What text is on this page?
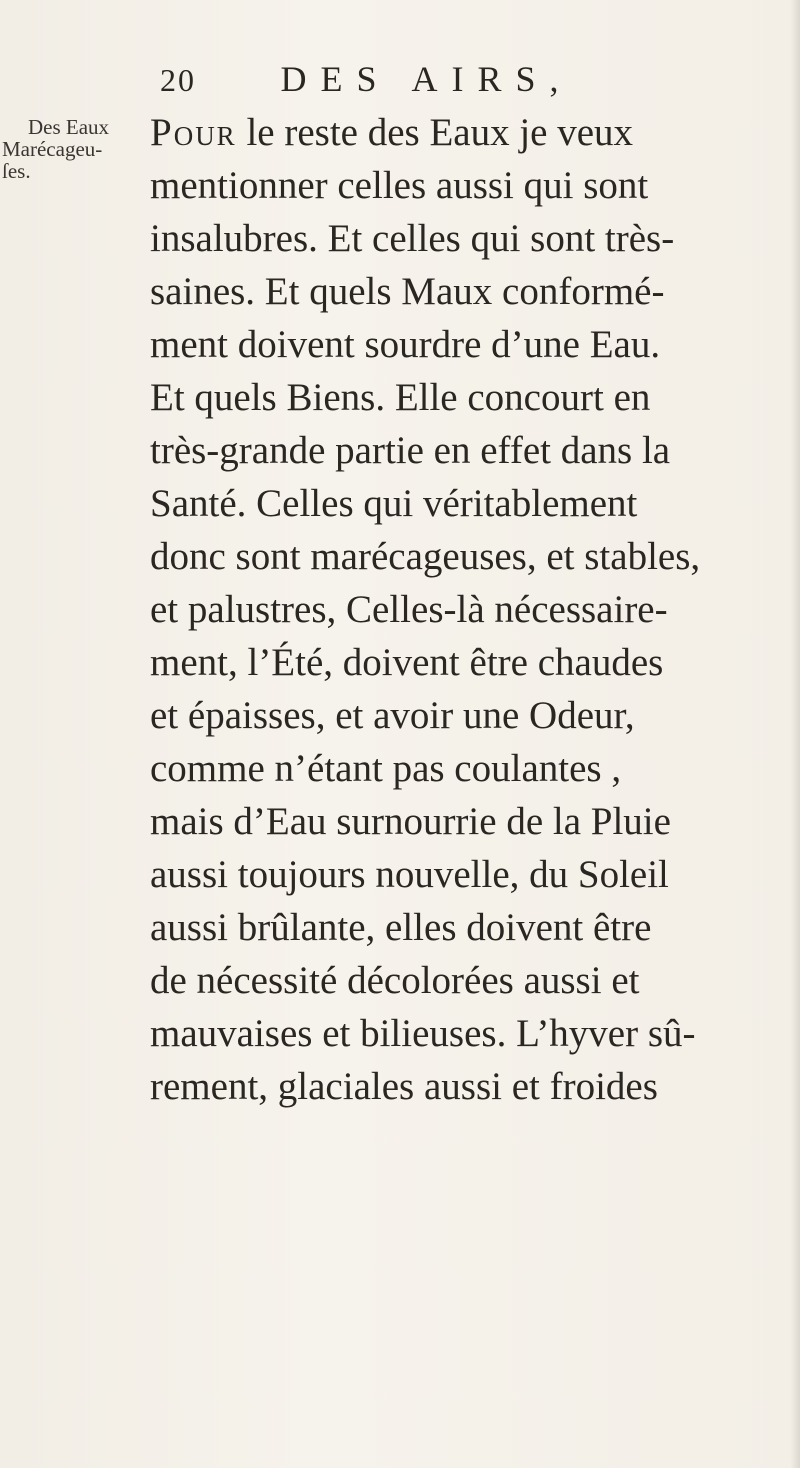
20 DES AIRS,
Des Eaux
Marécageu-
ſes.
Pour le reste des Eaux je veux
mentionner celles aussi qui sont
insalubres. Et celles qui sont très-
saines. Et quels Maux conformé-
ment doivent sourdre d’une Eau.
Et quels Biens. Elle concourt en
très-grande partie en effet dans la
Santé. Celles qui véritablement
donc sont marécageuses, et stables,
et palustres, Celles-là nécessaire-
ment, l’Été, doivent être chaudes
et épaisses, et avoir une Odeur,
comme n’étant pas coulantes ,
mais d’Eau surnourrie de la Pluie
aussi toujours nouvelle, du Soleil
aussi brûlante, elles doivent être
de nécessité décolorées aussi et
mauvaises et bilieuses. L’hyver sû-
rement, glaciales aussi et froides
